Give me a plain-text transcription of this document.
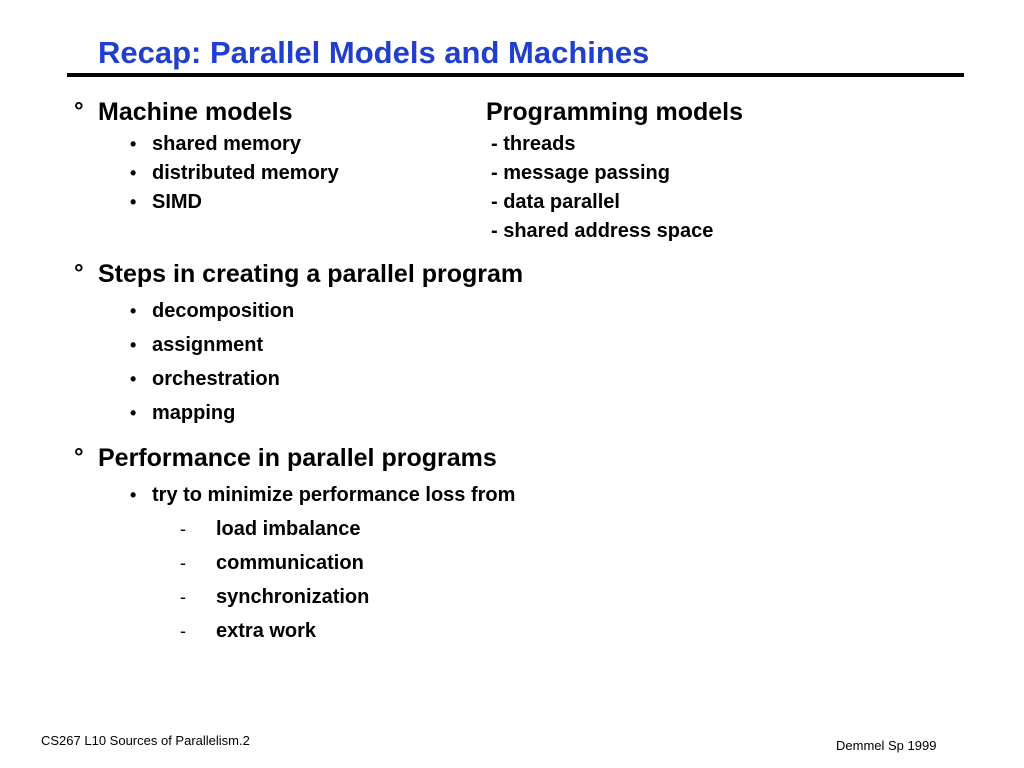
Recap: Parallel Models and Machines
° Machine models	Programming models
• shared memory
• distributed memory
• SIMD
- threads
- message passing
- data parallel
- shared address space
° Steps in creating a parallel program
• decomposition
• assignment
• orchestration
• mapping
° Performance in parallel programs
• try to minimize performance loss from
- load imbalance
- communication
- synchronization
- extra work
CS267 L10 Sources of Parallelism.2	Demmel Sp 1999
